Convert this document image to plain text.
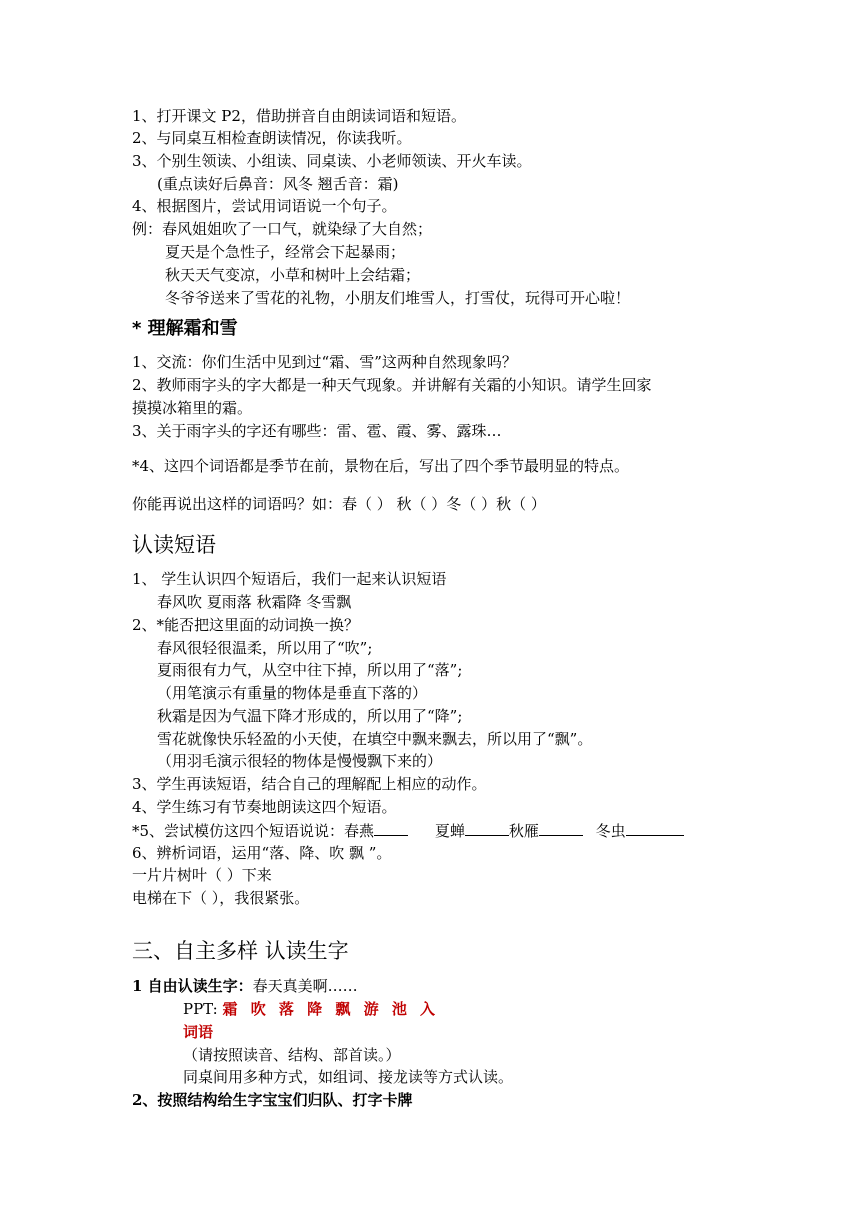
1、打开课文 P2，借助拼音自由朗读词语和短语。
2、与同桌互相检查朗读情况，你读我听。
3、个别生领读、小组读、同桌读、小老师领读、开火车读。
(重点读好后鼻音：风冬 翘舌音：霜)
4、根据图片，尝试用词语说一个句子。
例：春风姐姐吹了一口气，就染绿了大自然；
夏天是个急性子，经常会下起暴雨；
秋天天气变凉，小草和树叶上会结霜；
冬爷爷送来了雪花的礼物，小朋友们堆雪人，打雪仗，玩得可开心啦！
* 理解霜和雪
1、交流：你们生活中见到过“霜、雪”这两种自然现象吗？
2、教师雨字头的字大都是一种天气现象。并讲解有关霜的小知识。请学生回家
摸摸冰箱里的霜。
3、关于雨字头的字还有哪些：雷、雹、霞、雾、露珠…
*4、这四个词语都是季节在前，景物在后，写出了四个季节最明显的特点。
你能再说出这样的词语吗？如：春（ ） 秋（ ）冬（ ）秋（ ）
认读短语
1、 学生认识四个短语后，我们一起来认识短语
春风吹 夏雨落 秋霜降 冬雪飘
2、*能否把这里面的动词换一换？
春风很轻很温柔，所以用了“吹”;
夏雨很有力气，从空中往下掉，所以用了“落”;
（用笔演示有重量的物体是垂直下落的）
秋霜是因为气温下降才形成的，所以用了“降”;
雪花就像快乐轻盈的小天使，在填空中飘来飘去，所以用了“飘”。
（用羽毛演示很轻的物体是慢慢飘下来的）
3、学生再读短语，结合自己的理解配上相应的动作。
4、学生练习有节奏地朗读这四个短语。
*5、尝试模仿这四个短语说说：春燕	夏蝉	秋雁	冬虫
6、辨析词语，运用“落、降、吹 飘 ”。
一片片树叶（ ）下来
电梯在下（ ），我很紧张。
三、自主多样 认读生字
1 自由认读生字：春天真美啊……
PPT: 霜 吹 落 降 飘 游 池 入
词语
（请按照读音、结构、部首读。）
同桌间用多种方式，如组词、接龙读等方式认读。
2、按照结构给生字宝宝们归队、打字卡牌
